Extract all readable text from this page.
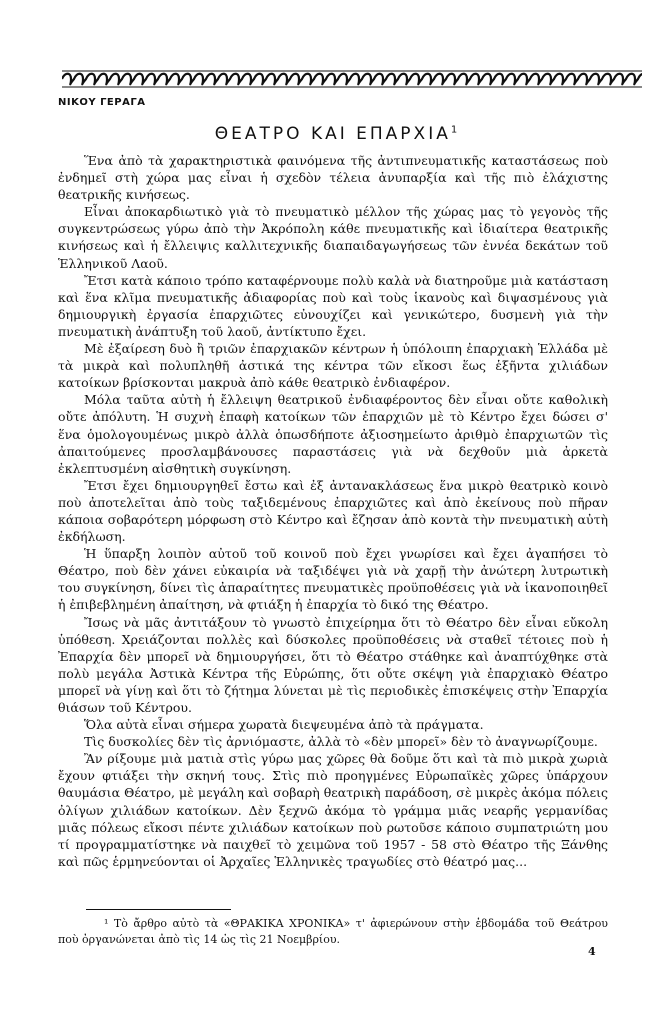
ΝΙΚΟΥ ΓΕΡΑΓΑ
ΘΕΑΤΡΟ ΚΑΙ ΕΠΑΡΧΙΑ$^1$

Ἕνα ἀπὸ τὰ χαρακτηριστικὰ φαινόμενα τῆς ἀντιπνευματικῆς καταστάσεως ποὺ ἐνδημεῖ στὴ χώρα μας εἶναι ἡ σχεδὸν τέλεια ἀνυπαρξία καὶ τῆς πιὸ ἐλάχιστης θεατρικῆς κινήσεως.

Εἶναι ἀποκαρδιωτικὸ γιὰ τὸ πνευματικὸ μέλλον τῆς χώρας μας τὸ γεγονὸς τῆς συγκεντρώσεως γύρω ἀπὸ τὴν Ἀκρόπολη κάθε πνευματικῆς καὶ ἰδιαίτερα θεατρικῆς κινήσεως καὶ ἡ ἔλλειψις καλλιτεχνικῆς διαπαιδαγωγήσεως τῶν ἐννέα δεκάτων τοῦ Ἑλληνικοῦ Λαοῦ.

Ἔτσι κατὰ κάποιο τρόπο καταφέρνουμε πολὺ καλὰ νὰ διατηροῦμε μιὰ κατάσταση καὶ ἕνα κλῖμα πνευματικῆς ἀδιαφορίας ποὺ καὶ τοὺς ἱκανοὺς καὶ διψασμένους γιὰ δημιουργικὴ ἐργασία ἐπαρχιῶτες εὐνουχίζει καὶ γενικώτερο, δυσμενὴ γιὰ τὴν πνευματικὴ ἀνάπτυξη τοῦ λαοῦ, ἀντίκτυπο ἔχει.

Μὲ ἐξαίρεση δυὸ ἢ τριῶν ἐπαρχιακῶν κέντρων ἡ ὑπόλοιπη ἐπαρχιακὴ Ἑλλάδα μὲ τὰ μικρὰ καὶ πολυπληθῆ ἀστικά της κέντρα τῶν εἴκοσι ἕως ἑξῆντα χιλιάδων κατοίκων βρίσκονται μακρυὰ ἀπὸ κάθε θεατρικὸ ἐνδιαφέρον.

Μόλα ταῦτα αὐτὴ ἡ ἔλλειψη θεατρικοῦ ἐνδιαφέροντος δὲν εἶναι οὔτε καθολικὴ οὔτε ἀπόλυτη. Ἡ συχνὴ ἐπαφὴ κατοίκων τῶν ἐπαρχιῶν μὲ τὸ Κέντρο ἔχει δώσει σ' ἕνα ὁμολογουμένως μικρὸ ἀλλὰ ὁπωσδήποτε ἀξιοσημείωτο ἀριθμὸ ἐπαρχιωτῶν τὶς ἀπαιτούμενες προσλαμβάνουσες παραστάσεις γιὰ νὰ δεχθοῦν μιὰ ἀρκετὰ ἐκλεπτυσμένη αἰσθητικὴ συγκίνηση.

Ἔτσι ἔχει δημιουργηθεῖ ἔστω καὶ ἐξ ἀντανακλάσεως ἕνα μικρὸ θεατρικὸ κοινὸ ποὺ ἀποτελεῖται ἀπὸ τοὺς ταξιδεμένους ἐπαρχιῶτες καὶ ἀπὸ ἐκείνους ποὺ πῆραν κάποια σοβαρότερη μόρφωση στὸ Κέντρο καὶ ἔζησαν ἀπὸ κοντὰ τὴν πνευματικὴ αὐτὴ ἐκδήλωση.

Ἡ ὕπαρξη λοιπὸν αὐτοῦ τοῦ κοινοῦ ποὺ ἔχει γνωρίσει καὶ ἔχει ἀγαπήσει τὸ Θέατρο, ποὺ δὲν χάνει εὐκαιρία νὰ ταξιδέψει γιὰ νὰ χαρῇ τὴν ἀνώτερη λυτρωτικὴ του συγκίνηση, δίνει τὶς ἀπαραίτητες πνευματικὲς προϋποθέσεις γιὰ νὰ ἱκανοποιηθεῖ ἡ ἐπιβεβλημένη ἀπαίτηση, νὰ φτιάξη ἡ ἐπαρχία τὸ δικό της Θέατρο.

Ἴσως νὰ μᾶς ἀντιτάξουν τὸ γνωστὸ ἐπιχείρημα ὅτι τὸ Θέατρο δὲν εἶναι εὔκολη ὑπόθεση. Χρειάζονται πολλὲς καὶ δύσκολες προϋποθέσεις νὰ σταθεῖ τέτοιες ποὺ ἡ Ἐπαρχία δὲν μπορεῖ νὰ δημιουργήσει, ὅτι τὸ Θέατρο στάθηκε καὶ ἀναπτύχθηκε στὰ πολὺ μεγάλα Ἀστικὰ Κέντρα τῆς Εὐρώπης, ὅτι οὔτε σκέψη γιὰ ἐπαρχιακὸ Θέατρο μπορεῖ νὰ γίνῃ καὶ ὅτι τὸ ζήτημα λύνεται μὲ τὶς περιοδικὲς ἐπισκέψεις στὴν Ἐπαρχία θιάσων τοῦ Κέντρου.

Ὅλα αὐτὰ εἶναι σήμερα χωρατὰ διεψευμένα ἀπὸ τὰ πράγματα.

Τὶς δυσκολίες δὲν τὶς ἀρνιόμαστε, ἀλλὰ τὸ «δὲν μπορεῖ» δὲν τὸ ἀναγνωρίζουμε.

Ἂν ρίξουμε μιὰ ματιὰ στὶς γύρω μας χῶρες θὰ δοῦμε ὅτι καὶ τὰ πιὸ μικρὰ χωριὰ ἔχουν φτιάξει τὴν σκηνή τους. Στὶς πιὸ προηγμένες Εὐρωπαϊκὲς χῶρες ὑπάρχουν θαυμάσια Θέατρο, μὲ μεγάλη καὶ σοβαρὴ θεατρικὴ παράδοση, σὲ μικρὲς ἀκόμα πόλεις ὀλίγων χιλιάδων κατοίκων. Δὲν ξεχνῶ ἀκόμα τὸ γράμμα μιᾶς νεαρῆς γερμανίδας μιᾶς πόλεως εἴκοσι πέντε χιλιάδων κατοίκων ποὺ ρωτοῦσε κάποιο συμπατριώτη μου τί προγραμματίστηκε νὰ παιχθεῖ τὸ χειμῶνα τοῦ 1957 - 58 στὸ Θέατρο τῆς Ξάνθης καὶ πῶς ἑρμηνεύονται οἱ Ἀρχαῖες Ἑλληνικὲς τραγωδίες στὸ θέατρό μας...

¹ Τὸ ἄρθρο αὐτὸ τὰ «ΘΡΑΚΙΚΑ ΧΡΟΝΙΚΑ» τ' ἀφιερώνουν στὴν ἑβδομάδα τοῦ Θεάτρου ποὺ ὀργανώνεται ἀπὸ τὶς 14 ὡς τὶς 21 Νοεμβρίου.
4
